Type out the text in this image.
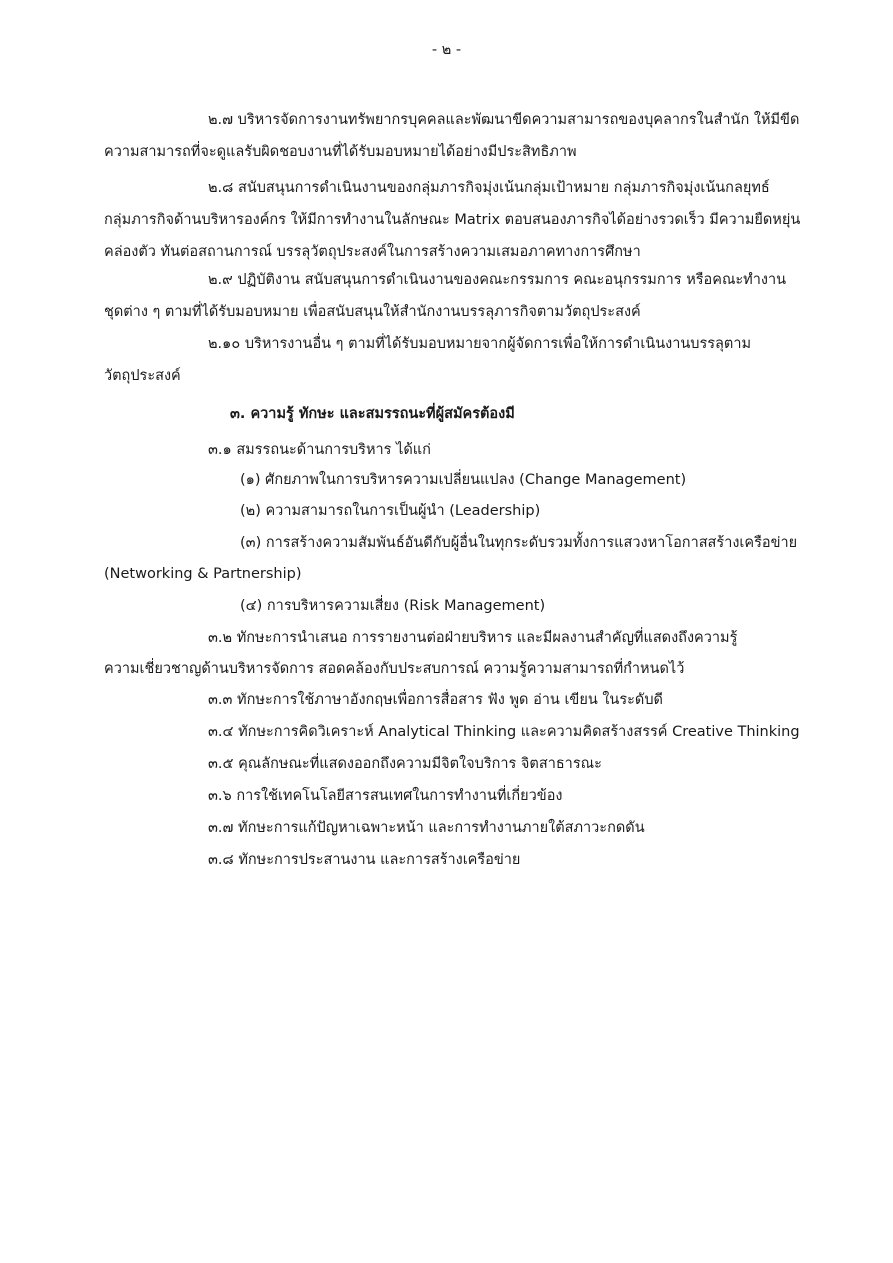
- ๒ -
๒.๗ บริหารจัดการงานทรัพยากรบุคคลและพัฒนาขีดความสามารถของบุคลากรในสำนัก ให้มีขีด
ความสามารถที่จะดูแลรับผิดชอบงานที่ได้รับมอบหมายได้อย่างมีประสิทธิภาพ
๒.๘ สนับสนุนการดำเนินงานของกลุ่มภารกิจมุ่งเน้นกลุ่มเป้าหมาย กลุ่มภารกิจมุ่งเน้นกลยุทธ์
กลุ่มภารกิจด้านบริหารองค์กร ให้มีการทำงานในลักษณะ Matrix ตอบสนองภารกิจได้อย่างรวดเร็ว มีความยืดหยุ่น
คล่องตัว ทันต่อสถานการณ์ บรรลุวัตถุประสงค์ในการสร้างความเสมอภาคทางการศึกษา
๒.๙ ปฏิบัติงาน สนับสนุนการดำเนินงานของคณะกรรมการ คณะอนุกรรมการ หรือคณะทำงาน
ชุดต่าง ๆ ตามที่ได้รับมอบหมาย เพื่อสนับสนุนให้สำนักงานบรรลุภารกิจตามวัตถุประสงค์
๒.๑๐ บริหารงานอื่น ๆ ตามที่ได้รับมอบหมายจากผู้จัดการเพื่อให้การดำเนินงานบรรลุตาม
วัตถุประสงค์
๓. ความรู้ ทักษะ และสมรรถนะที่ผู้สมัครต้องมี
๓.๑ สมรรถนะด้านการบริหาร ได้แก่
(๑) ศักยภาพในการบริหารความเปลี่ยนแปลง (Change Management)
(๒) ความสามารถในการเป็นผู้นำ (Leadership)
(๓) การสร้างความสัมพันธ์อันดีกับผู้อื่นในทุกระดับรวมทั้งการแสวงหาโอกาสสร้างเครือข่าย
(Networking & Partnership)
(๔) การบริหารความเสี่ยง (Risk Management)
๓.๒ ทักษะการนำเสนอ การรายงานต่อฝ่ายบริหาร และมีผลงานสำคัญที่แสดงถึงความรู้
ความเชี่ยวชาญด้านบริหารจัดการ สอดคล้องกับประสบการณ์ ความรู้ความสามารถที่กำหนดไว้
๓.๓ ทักษะการใช้ภาษาอังกฤษเพื่อการสื่อสาร ฟัง พูด อ่าน เขียน ในระดับดี
๓.๔ ทักษะการคิดวิเคราะห์ Analytical Thinking และความคิดสร้างสรรค์ Creative Thinking
๓.๕ คุณลักษณะที่แสดงออกถึงความมีจิตใจบริการ จิตสาธารณะ
๓.๖ การใช้เทคโนโลยีสารสนเทศในการทำงานที่เกี่ยวข้อง
๓.๗ ทักษะการแก้ปัญหาเฉพาะหน้า และการทำงานภายใต้สภาวะกดดัน
๓.๘ ทักษะการประสานงาน และการสร้างเครือข่าย
